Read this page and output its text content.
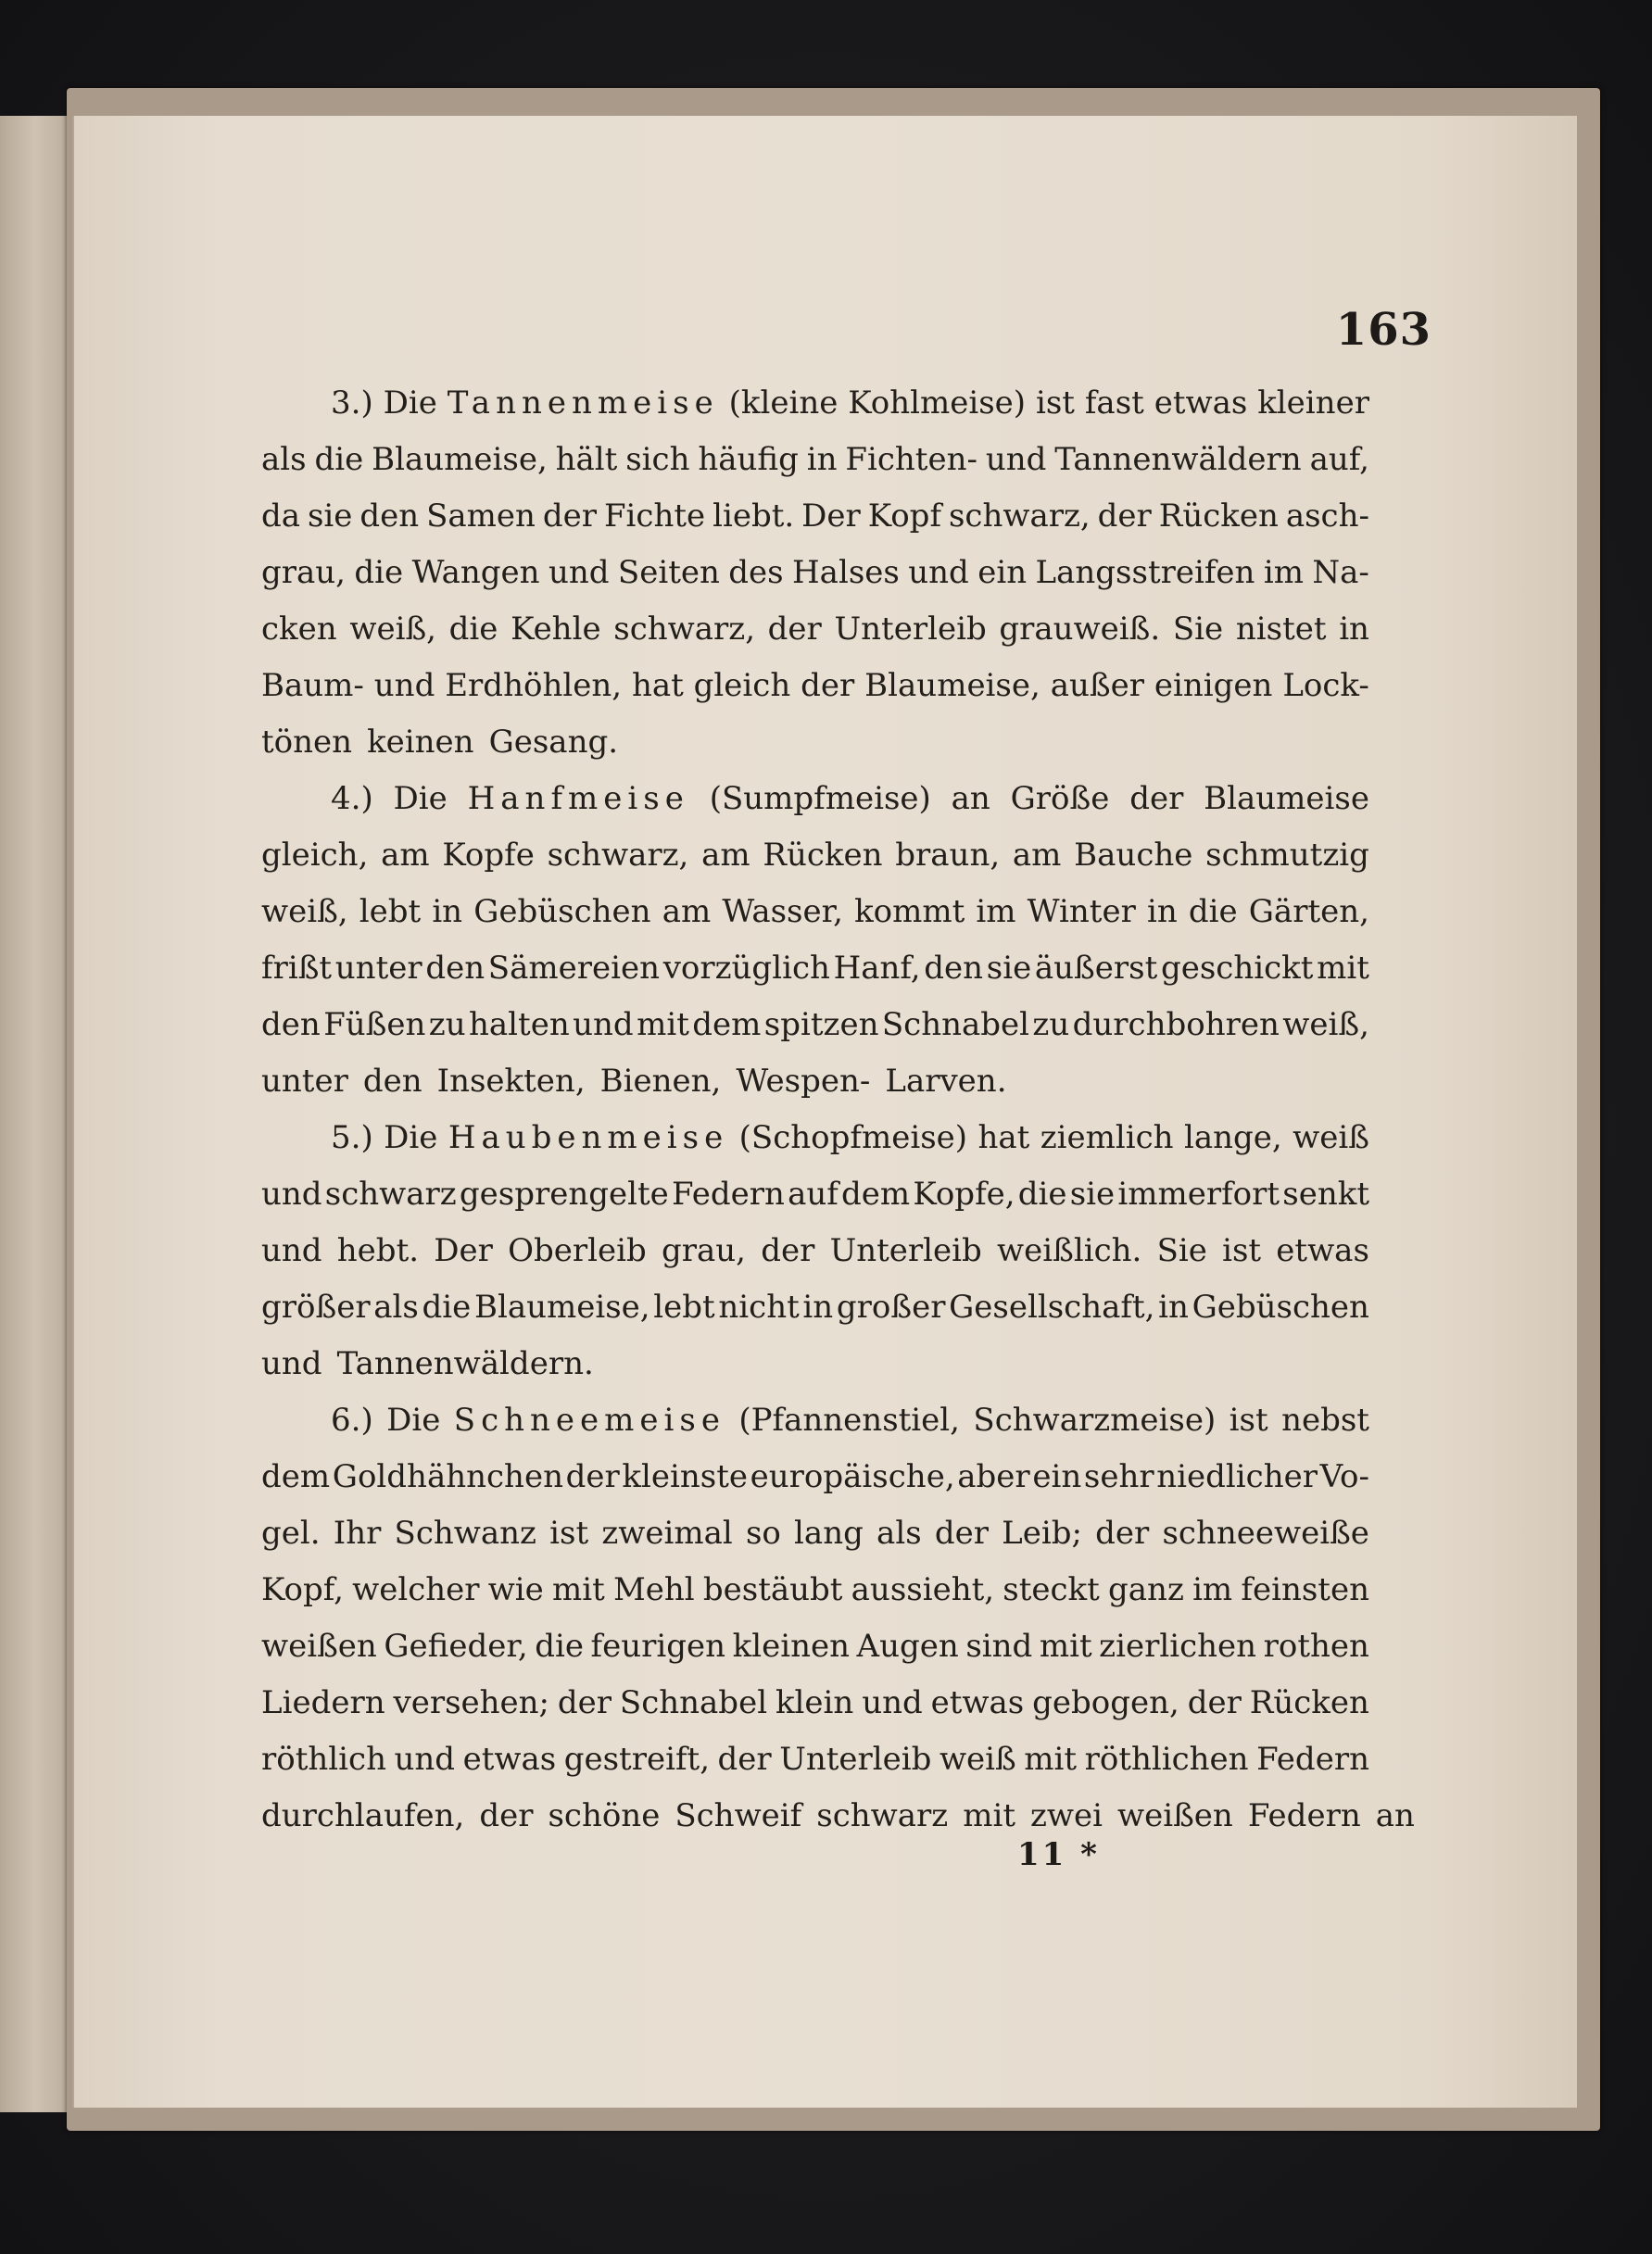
163
3.) Die Tannenmeise (kleine Kohlmeise) ist fast etwas kleiner
als die Blaumeise, hält sich häufig in Fichten- und Tannenwäldern auf,
da sie den Samen der Fichte liebt. Der Kopf schwarz, der Rücken asch-
grau, die Wangen und Seiten des Halses und ein Langsstreifen im Na-
cken weiß, die Kehle schwarz, der Unterleib grauweiß. Sie nistet in
Baum- und Erdhöhlen, hat gleich der Blaumeise, außer einigen Lock-
tönen keinen Gesang.
4.) Die Hanfmeise (Sumpfmeise) an Größe der Blaumeise
gleich, am Kopfe schwarz, am Rücken braun, am Bauche schmutzig
weiß, lebt in Gebüschen am Wasser, kommt im Winter in die Gärten,
frißt unter den Sämereien vorzüglich Hanf, den sie äußerst geschickt mit
den Füßen zu halten und mit dem spitzen Schnabel zu durchbohren weiß,
unter den Insekten, Bienen, Wespen- Larven.
5.) Die Haubenmeise (Schopfmeise) hat ziemlich lange, weiß
und schwarz gesprengelte Federn auf dem Kopfe, die sie immerfort senkt
und hebt. Der Oberleib grau, der Unterleib weißlich. Sie ist etwas
größer als die Blaumeise, lebt nicht in großer Gesellschaft, in Gebüschen
und Tannenwäldern.
6.) Die Schneemeise (Pfannenstiel, Schwarzmeise) ist nebst
dem Goldhähnchen der kleinste europäische, aber ein sehr niedlicher Vo-
gel. Ihr Schwanz ist zweimal so lang als der Leib; der schneeweiße
Kopf, welcher wie mit Mehl bestäubt aussieht, steckt ganz im feinsten
weißen Gefieder, die feurigen kleinen Augen sind mit zierlichen rothen
Liedern versehen; der Schnabel klein und etwas gebogen, der Rücken
röthlich und etwas gestreift, der Unterleib weiß mit röthlichen Federn
durchlaufen, der schöne Schweif schwarz mit zwei weißen Federn an
11 *
